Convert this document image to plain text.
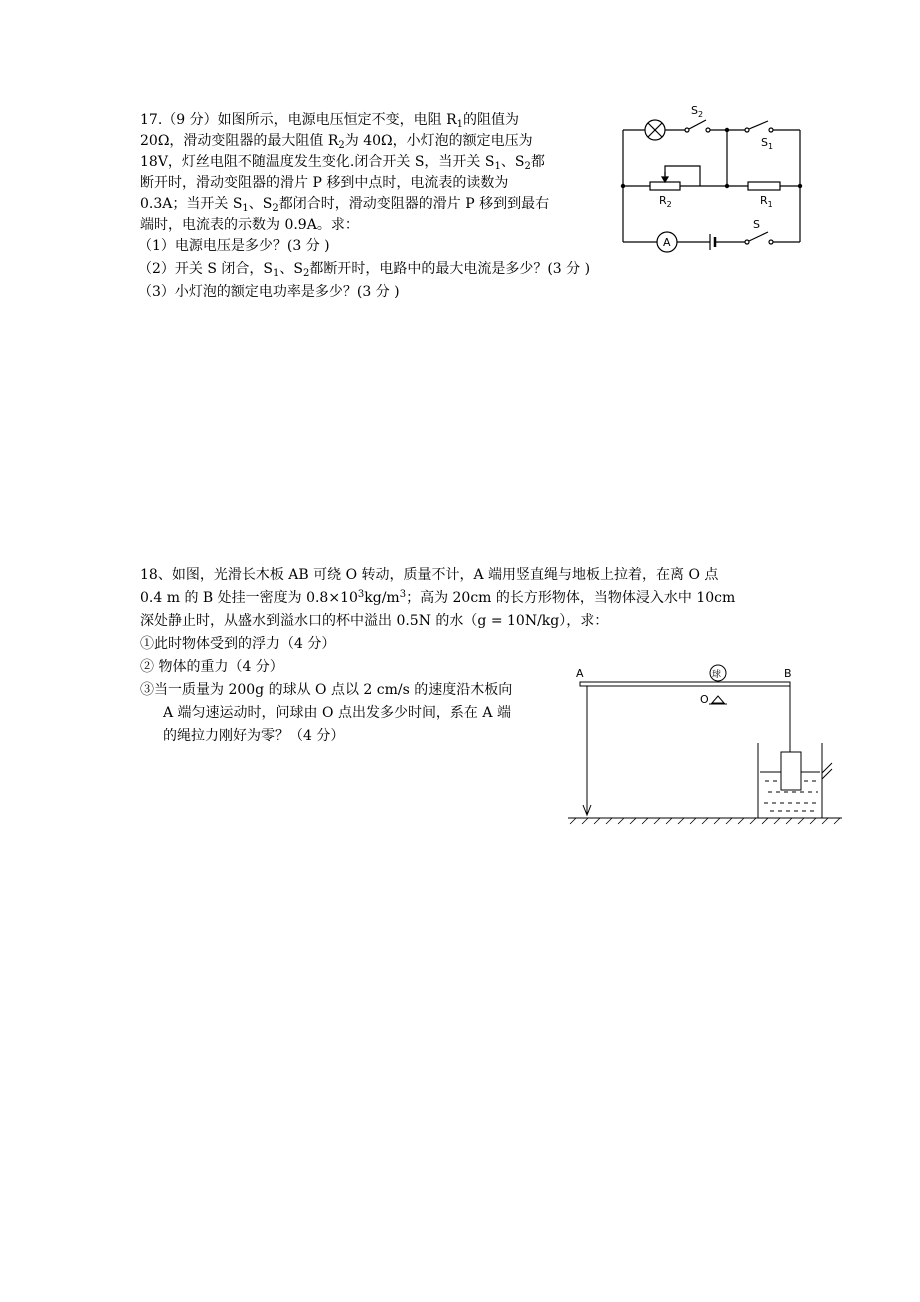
17.（9 分）如图所示，电源电压恒定不变，电阻 $R_1$的阻值为
20Ω，滑动变阻器的最大阻值 $R_2$为 40Ω，小灯泡的额定电压为
18V，灯丝电阻不随温度发生变化.闭合开关 S，当开关 $S_1$、$S_2$都
断开时，滑动变阻器的滑片 P 移到中点时，电流表的读数为
0.3A；当开关 $S_1$、$S_2$都闭合时，滑动变阻器的滑片 P 移到到最右
端时，电流表的示数为 0.9A。求：
（1）电源电压是多少？(3 分 )
（2）开关 S 闭合，$S_1$、$S_2$都断开时，电路中的最大电流是多少？(3 分 )
（3）小灯泡的额定电功率是多少？(3 分 )
$S_2$
$S_1$
$R_2$	$R_1$
A
S
18、如图，光滑长木板 AB 可绕 O 转动，质量不计，A 端用竖直绳与地板上拉着，在离 O 点
0.4 m 的 B 处挂一密度为 $0.8\times 10^3kg/m^3$；高为 20cm 的长方形物体，当物体浸入水中 10cm
深处静止时，从盛水到溢水口的杯中溢出 0.5N 的水（g = 10N/kg），求：
①此时物体受到的浮力（4 分）
② 物体的重力（4 分）
③当一质量为 200g 的球从 O 点以 2 cm/s 的速度沿木板向
A 端匀速运动时，问球由 O 点出发多少时间，系在 A 端
的绳拉力刚好为零？（4 分）
A	B
O
球
